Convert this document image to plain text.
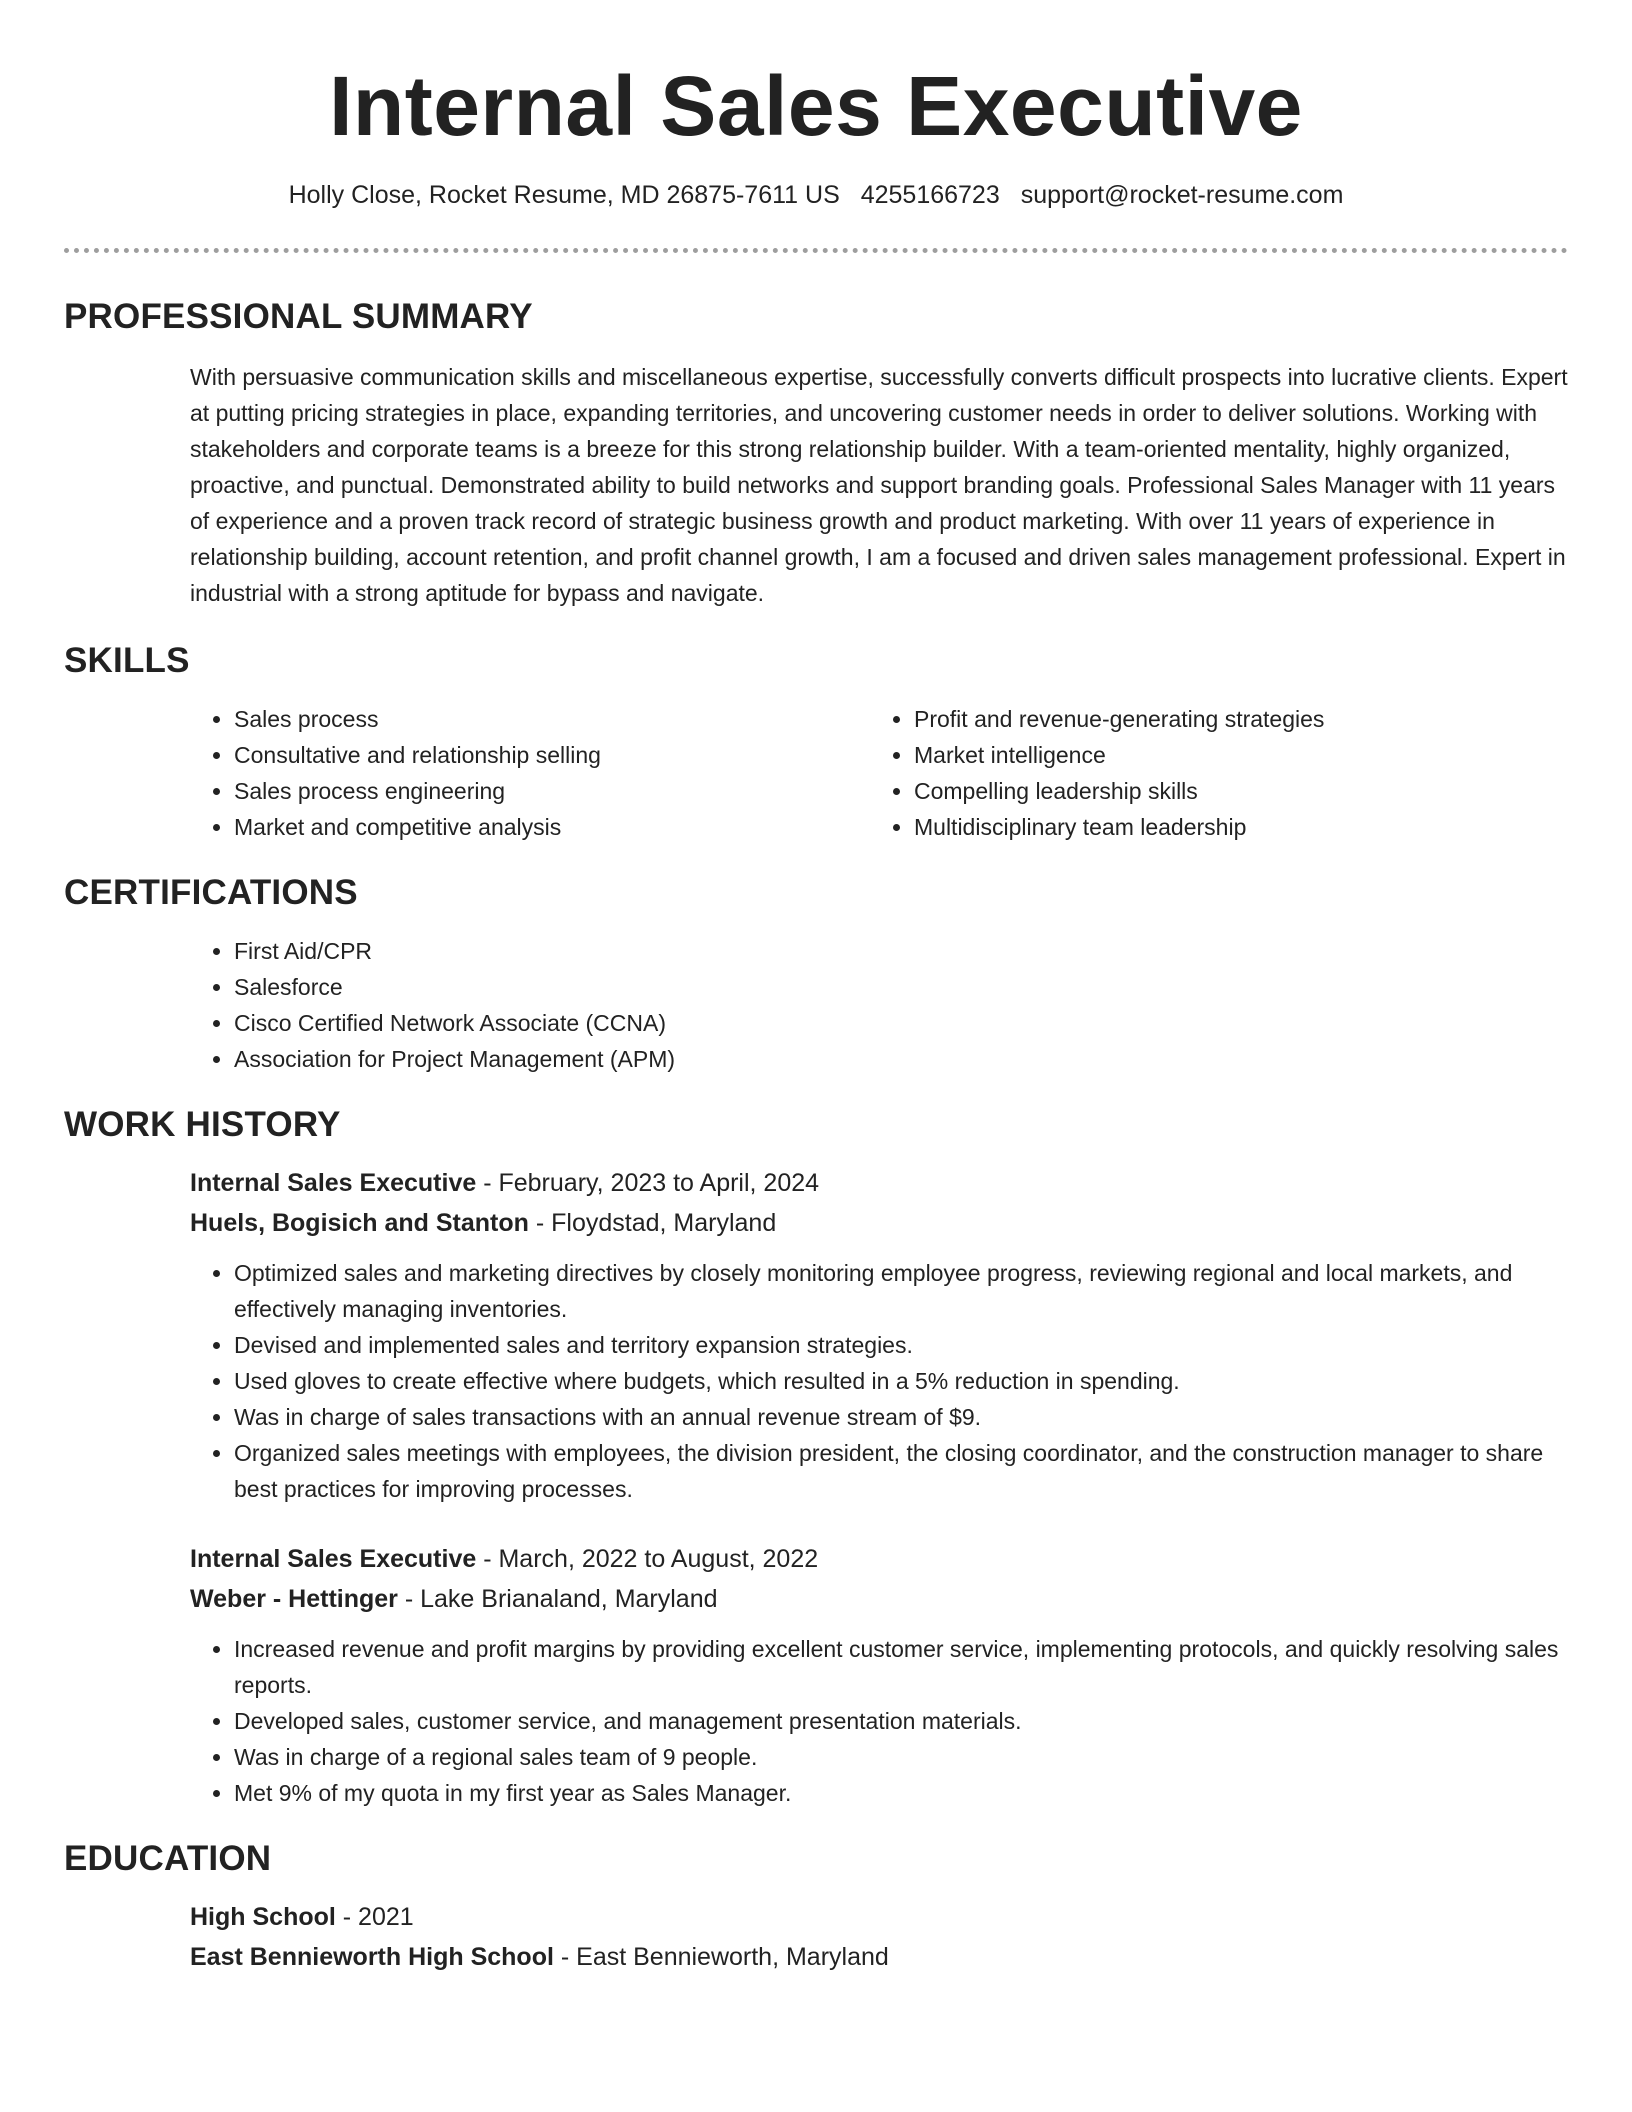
Internal Sales Executive
Holly Close, Rocket Resume, MD 26875-7611 US 4255166723 support@rocket-resume.com
PROFESSIONAL SUMMARY

With persuasive communication skills and miscellaneous expertise, successfully converts difficult prospects into lucrative clients. Expert at putting pricing strategies in place, expanding territories, and uncovering customer needs in order to deliver solutions. Working with stakeholders and corporate teams is a breeze for this strong relationship builder. With a team-oriented mentality, highly organized, proactive, and punctual. Demonstrated ability to build networks and support branding goals. Professional Sales Manager with 11 years of experience and a proven track record of strategic business growth and product marketing. With over 11 years of experience in relationship building, account retention, and profit channel growth, I am a focused and driven sales management professional. Expert in industrial with a strong aptitude for bypass and navigate.

SKILLS
• Sales process
• Consultative and relationship selling
• Sales process engineering
• Market and competitive analysis
• Profit and revenue-generating strategies
• Market intelligence
• Compelling leadership skills
• Multidisciplinary team leadership
CERTIFICATIONS
• First Aid/CPR
• Salesforce
• Cisco Certified Network Associate (CCNA)
• Association for Project Management (APM)
WORK HISTORY
Internal Sales Executive - February, 2023 to April, 2024
Huels, Bogisich and Stanton - Floydstad, Maryland
• Optimized sales and marketing directives by closely monitoring employee progress, reviewing regional and local markets, and effectively managing inventories.
• Devised and implemented sales and territory expansion strategies.
• Used gloves to create effective where budgets, which resulted in a 5% reduction in spending.
• Was in charge of sales transactions with an annual revenue stream of $9.
• Organized sales meetings with employees, the division president, the closing coordinator, and the construction manager to share best practices for improving processes.
Internal Sales Executive - March, 2022 to August, 2022
Weber - Hettinger - Lake Brianaland, Maryland
• Increased revenue and profit margins by providing excellent customer service, implementing protocols, and quickly resolving sales reports.
• Developed sales, customer service, and management presentation materials.
• Was in charge of a regional sales team of 9 people.
• Met 9% of my quota in my first year as Sales Manager.
EDUCATION
High School - 2021
East Bennieworth High School - East Bennieworth, Maryland
